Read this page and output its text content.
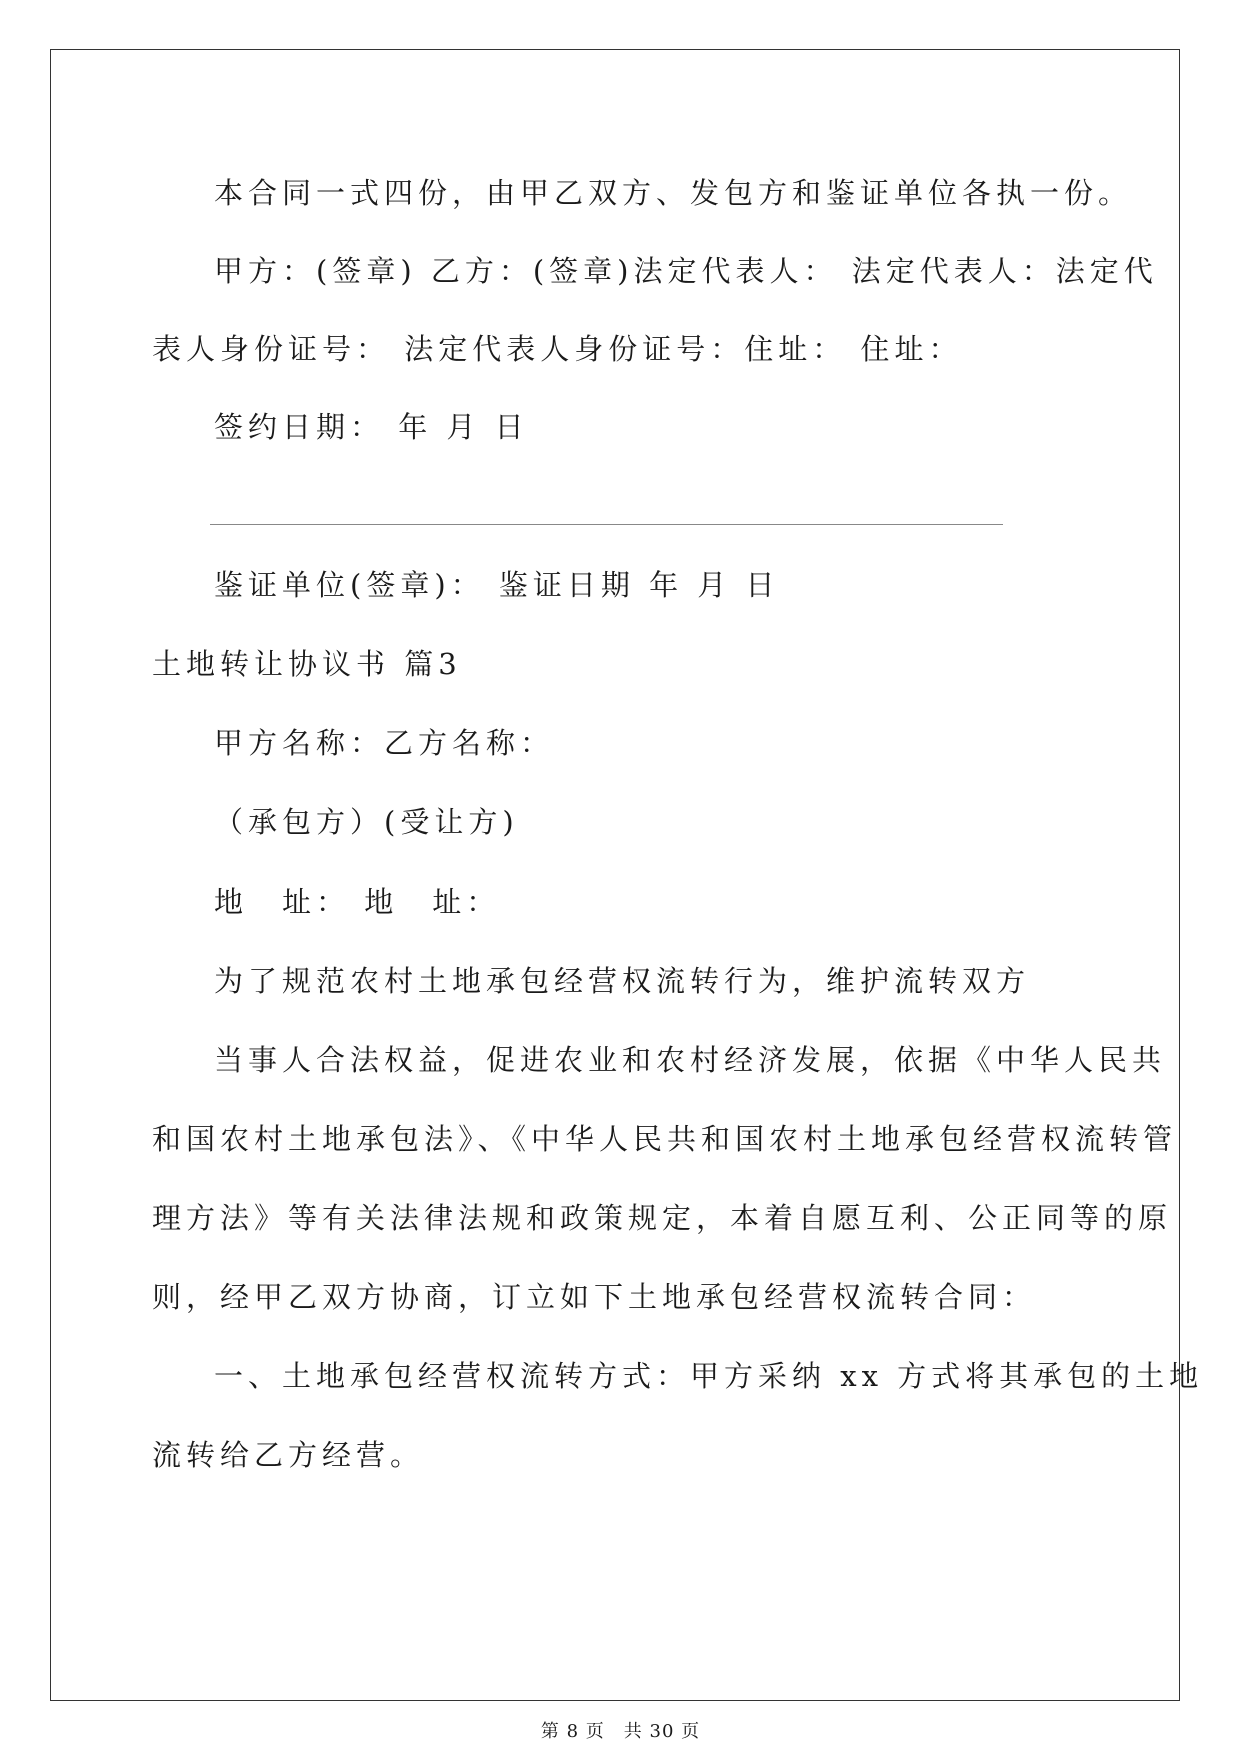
本合同一式四份，由甲乙双方、发包方和鉴证单位各执一份。
甲方：(签章) 乙方：(签章)法定代表人： 法定代表人：法定代
表人身份证号： 法定代表人身份证号：住址： 住址：
签约日期： 年 月 日
鉴证单位(签章)： 鉴证日期 年 月 日
土地转让协议书 篇3
甲方名称：乙方名称：
（承包方）(受让方)
地　址： 地　址：
为了规范农村土地承包经营权流转行为，维护流转双方
当事人合法权益，促进农业和农村经济发展，依据《中华人民共
和国农村土地承包法》、《中华人民共和国农村土地承包经营权流转管
理方法》等有关法律法规和政策规定，本着自愿互利、公正同等的原
则，经甲乙双方协商，订立如下土地承包经营权流转合同：
一、土地承包经营权流转方式：甲方采纳 xx 方式将其承包的土地
流转给乙方经营。
第 8 页　共 30 页
